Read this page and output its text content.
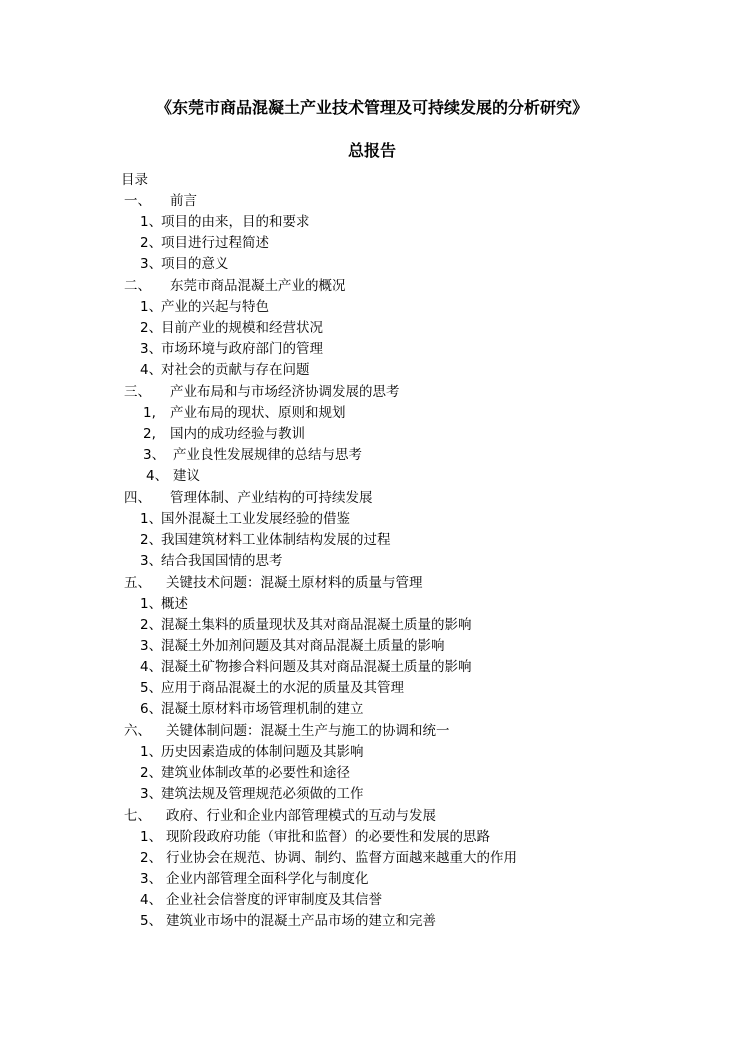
《东莞市商品混凝土产业技术管理及可持续发展的分析研究》
总报告
目录
一、 前言
1、项目的由来，目的和要求
2、项目进行过程简述
3、项目的意义
二、 东莞市商品混凝土产业的概况
1、产业的兴起与特色
2、目前产业的规模和经营状况
3、市场环境与政府部门的管理
4、对社会的贡献与存在问题
三、 产业布局和与市场经济协调发展的思考
1, 产业布局的现状、原则和规划
2, 国内的成功经验与教训
3、 产业良性发展规律的总结与思考
4、 建议
四、 管理体制、产业结构的可持续发展
1、国外混凝土工业发展经验的借鉴
2、我国建筑材料工业体制结构发展的过程
3、结合我国国情的思考
五、 关键技术问题：混凝土原材料的质量与管理
1、概述
2、混凝土集料的质量现状及其对商品混凝土质量的影响
3、混凝土外加剂问题及其对商品混凝土质量的影响
4、混凝土矿物掺合料问题及其对商品混凝土质量的影响
5、应用于商品混凝土的水泥的质量及其管理
6、混凝土原材料市场管理机制的建立
六、 关键体制问题：混凝土生产与施工的协调和统一
1、历史因素造成的体制问题及其影响
2、建筑业体制改革的必要性和途径
3、建筑法规及管理规范必须做的工作
七、 政府、行业和企业内部管理模式的互动与发展
1、 现阶段政府功能（审批和监督）的必要性和发展的思路
2、 行业协会在规范、协调、制约、监督方面越来越重大的作用
3、 企业内部管理全面科学化与制度化
4、 企业社会信誉度的评审制度及其信誉
5、 建筑业市场中的混凝土产品市场的建立和完善
